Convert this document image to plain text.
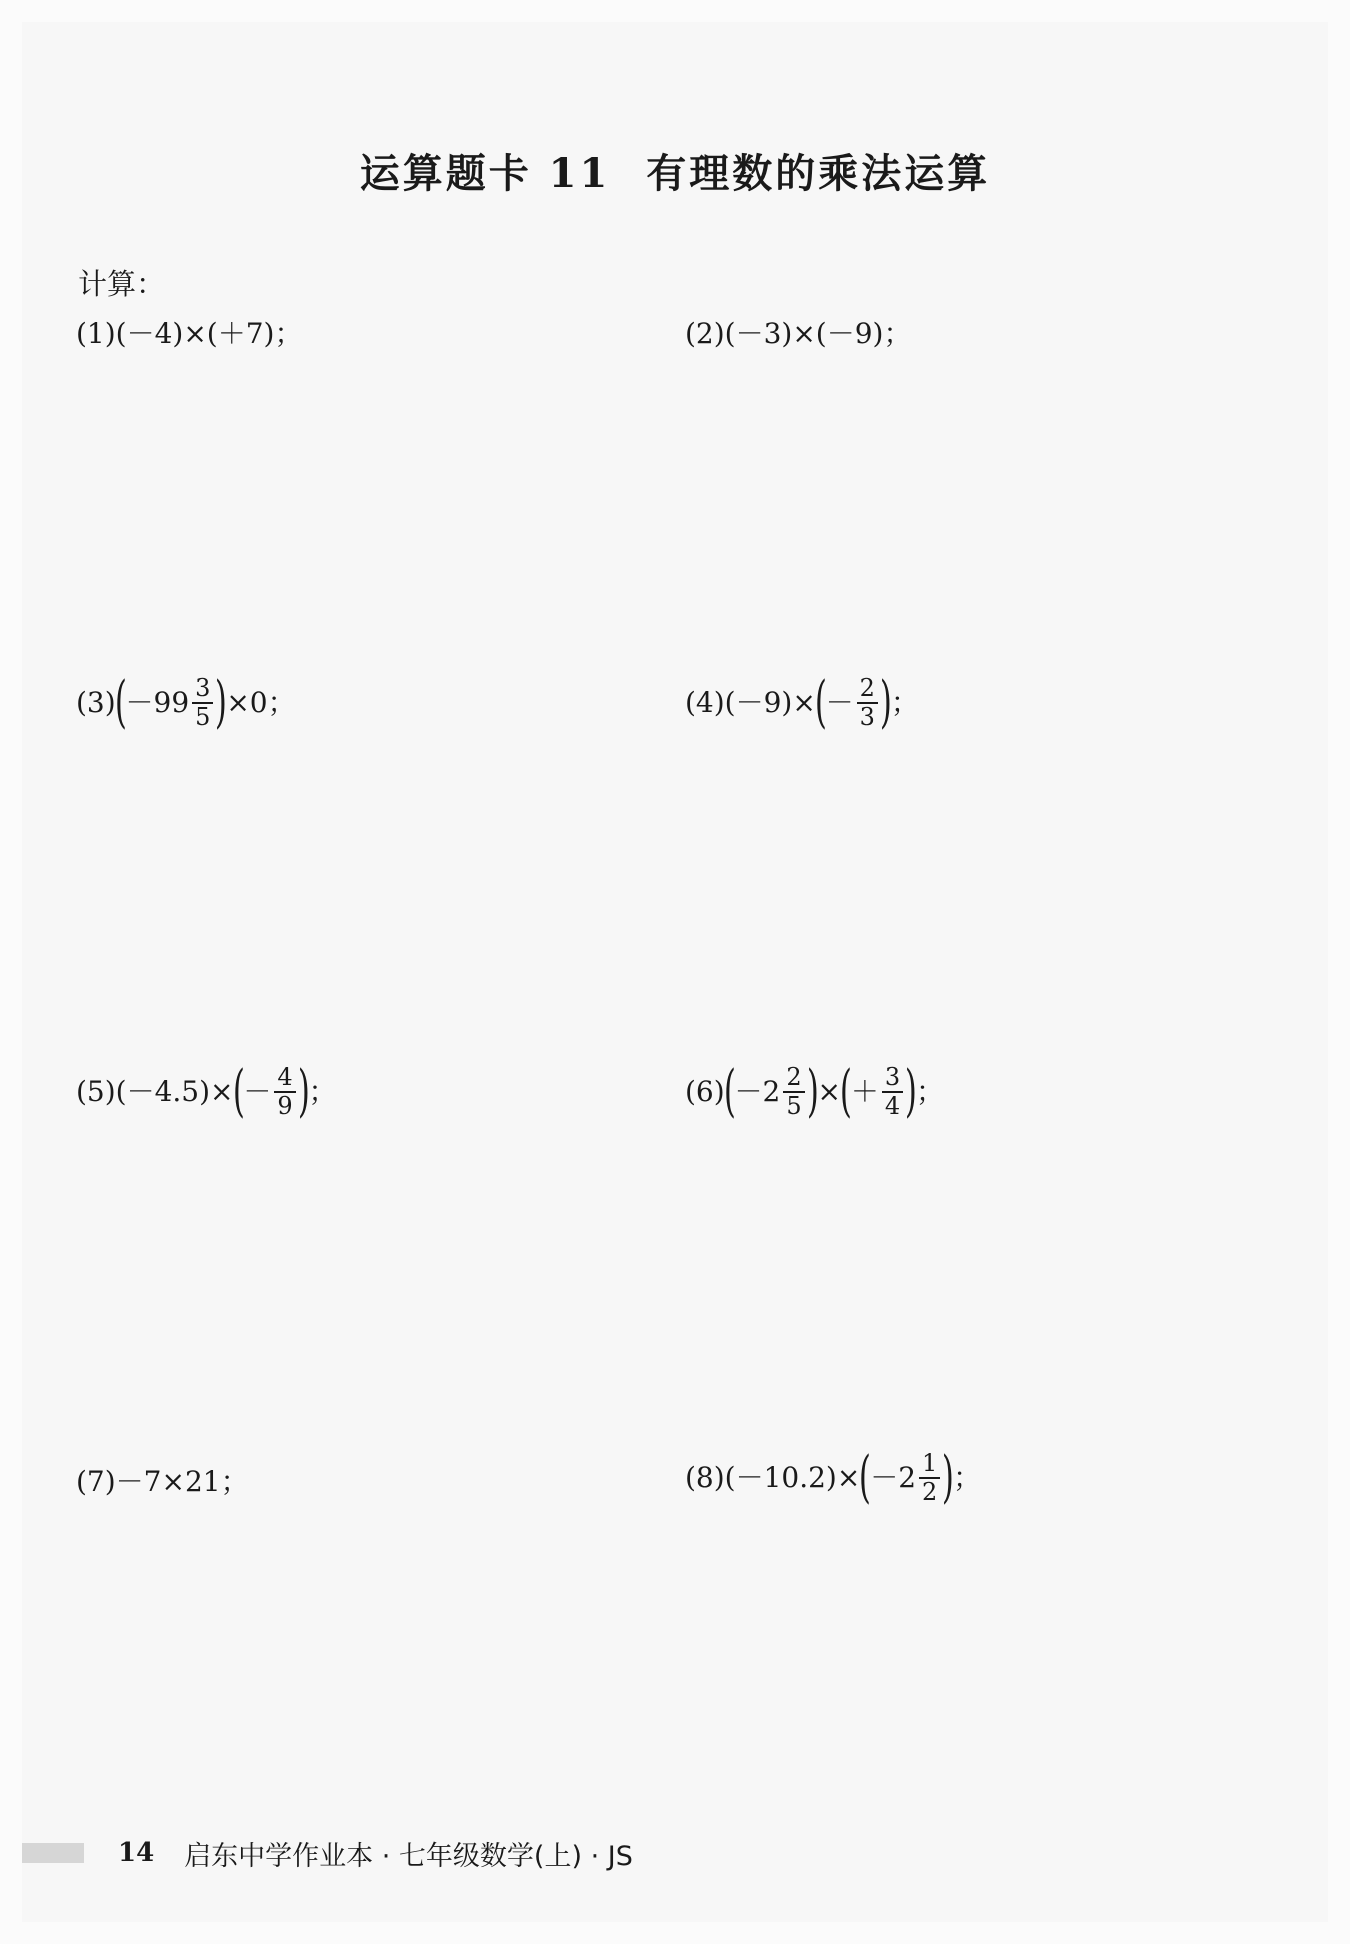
运算题卡 11 有理数的乘法运算
计算：
(1)(－4)×(＋7)；	(2)(－3)×(－9)；
(3)
(
$-99 \frac{3}{5}$ )
×0；	(4)(－9)×
(
－ $\frac{2}{3}$ )
；
(5)(－4.5)×
(
－ $\frac{4}{9}$ )
；	(6)
(
$-2 \frac{2}{5}$ )
×
(
＋ $\frac{3}{4}$ )
；
(7)－7×21；	(8)(－10.2)×
(
$-2 \frac{1}{2}$ )
；
14 启东中学作业本 · 七年级数学(上) · JS
